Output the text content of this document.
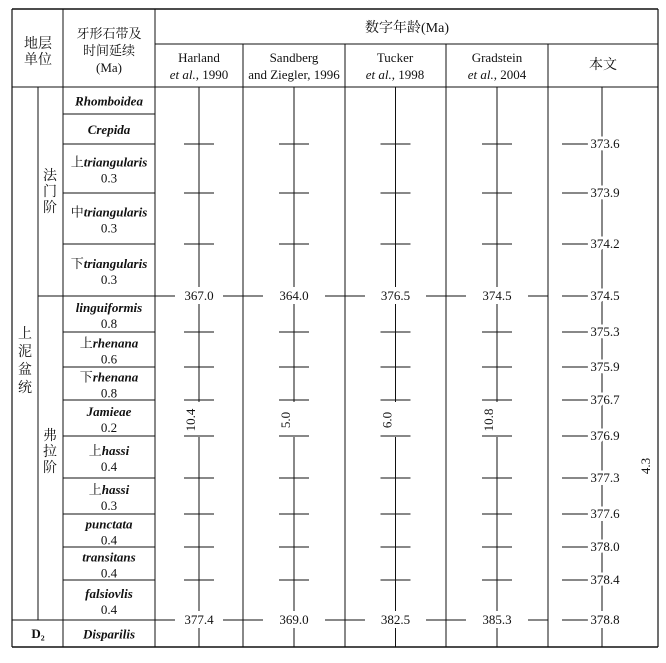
地层
单位
牙形石带及
时间延续
(Ma)
数字年龄(Ma)
Harland
et al., 1990
Sandberg
and Ziegler, 1996
Tucker
et al., 1998
Gradstein
et al., 2004
本文
上
泥
盆
统
法
门
阶
弗
拉
阶
D₂
Rhomboidea
Crepida
上triangularis
0.3
中triangularis
0.3
下triangularis
0.3
linguiformis
0.8
上rhenana
0.6
下rhenana
0.8
Jamieae
0.2
上hassi
0.4
上hassi
0.3
punctata
0.4
transitans
0.4
falsiovlis
0.4
Disparilis
367.0
377.4
10.4
364.0
369.0
5.0
376.5
382.5
6.0
374.5
385.3
10.8
373.6
373.9
374.2
374.5
375.3
375.9
376.7
376.9
377.3
377.6
378.0
378.4
378.8
4.3
